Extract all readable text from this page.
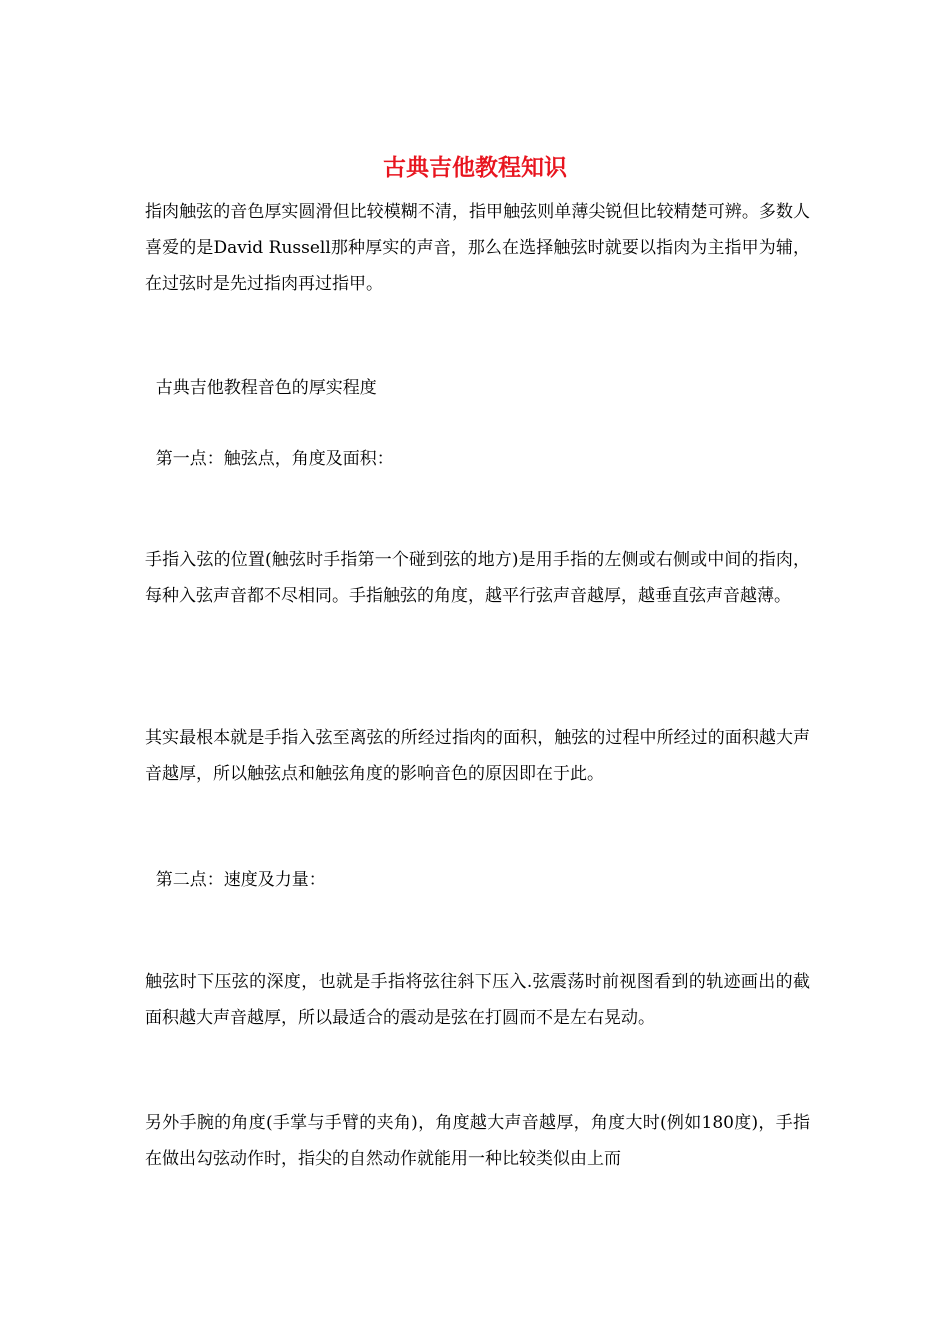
古典吉他教程知识

指肉触弦的音色厚实圆滑但比较模糊不清，指甲触弦则单薄尖锐但比较精楚可辨。多数人喜爱的是David Russell那种厚实的声音，那么在选择触弦时就要以指肉为主指甲为辅，在过弦时是先过指肉再过指甲。

古典吉他教程音色的厚实程度

第一点：触弦点，角度及面积：

手指入弦的位置(触弦时手指第一个碰到弦的地方)是用手指的左侧或右侧或中间的指肉，每种入弦声音都不尽相同。手指触弦的角度，越平行弦声音越厚，越垂直弦声音越薄。

其实最根本就是手指入弦至离弦的所经过指肉的面积，触弦的过程中所经过的面积越大声音越厚，所以触弦点和触弦角度的影响音色的原因即在于此。

第二点：速度及力量：

触弦时下压弦的深度，也就是手指将弦往斜下压入.弦震荡时前视图看到的轨迹画出的截面积越大声音越厚，所以最适合的震动是弦在打圆而不是左右晃动。

另外手腕的角度(手掌与手臂的夹角)，角度越大声音越厚，角度大时(例如180度)，手指在做出勾弦动作时，指尖的自然动作就能用一种比较类似由上而
